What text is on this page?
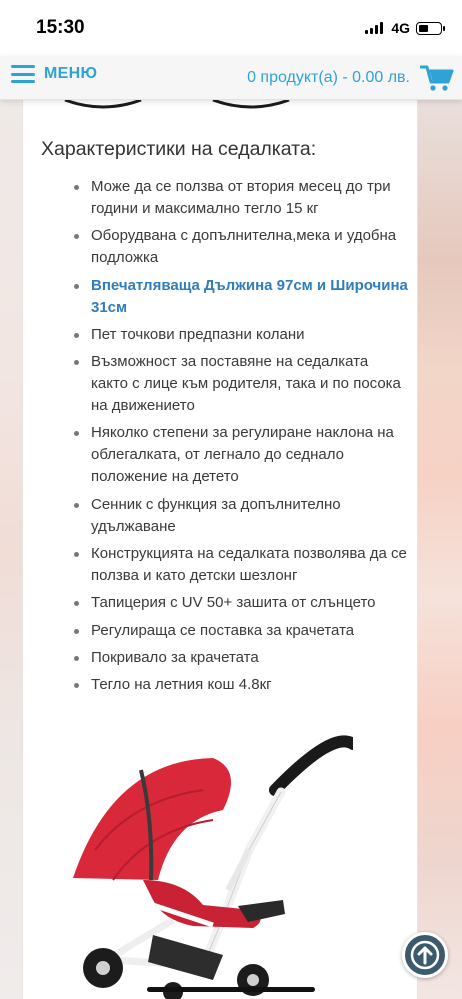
15:30	4G
МЕНЮ	0 продукт(а) - 0.00 лв.
Характеристики на седалката:
Може да се ползва от втория месец до три години и максимално тегло 15 кг
Оборудвана с допълнителна,мека и удобна подложка
Впечатляваща Дължина 97см и Широчина 31см
Пет точкови предпазни колани
Възможност за поставяне на седалката както с лице към родителя, така и по посока на движението
Няколко степени за регулиране наклона на облегалката, от легнало до седнало положение на детето
Сенник с функция за допълнително удължаване
Конструкцията на седалката позволява да се ползва и като детски шезлонг
Тапицерия с UV 50+ зашита от слънцето
Регулираща се поставка за крачетата
Покривало за крачетата
Тегло на летния кош 4.8кг
